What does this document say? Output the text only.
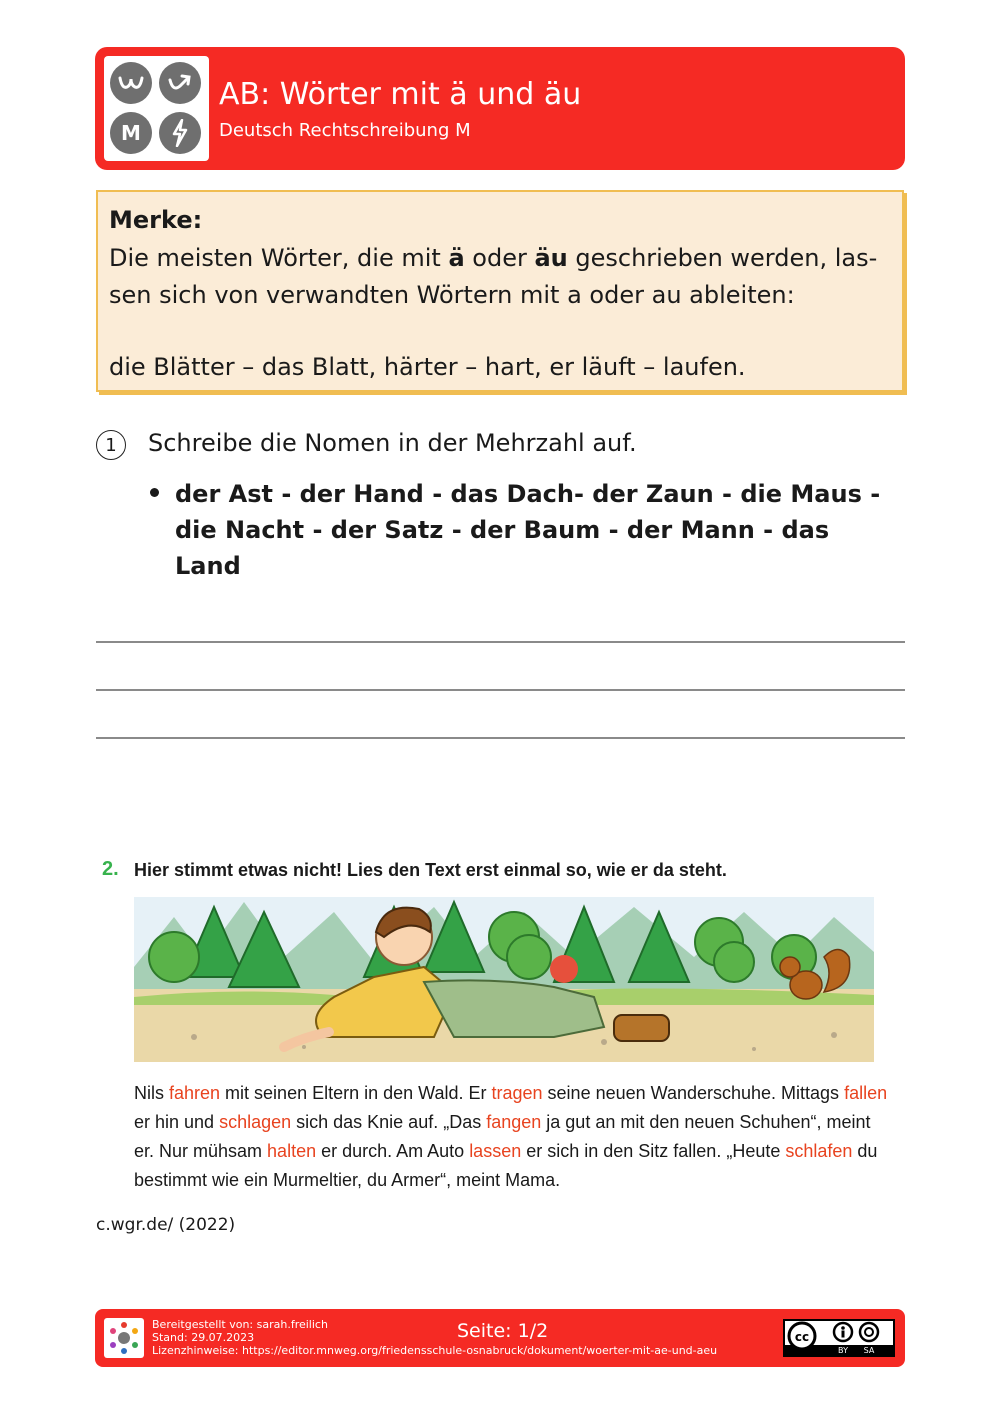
M
AB: Wörter mit ä und äu
Deutsch Rechtschreibung M
Merke:
Die meisten Wörter, die mit ä oder äu geschrieben werden, las-
sen sich von verwandten Wörtern mit a oder au ableiten:
die Blätter – das Blatt, härter – hart, er läuft – laufen.
1	Schreibe die Nomen in der Mehrzahl auf.
der Ast - der Hand - das Dach- der Zaun - die Maus - die Nacht - der Satz - der Baum - der Mann - das Land
2. Hier stimmt etwas nicht! Lies den Text erst einmal so, wie er da steht.
Nils fahren mit seinen Eltern in den Wald. Er tragen seine neuen Wanderschuhe. Mittags fallen er hin und schlagen sich das Knie auf. „Das fangen ja gut an mit den neuen Schuhen“, meint er. Nur mühsam halten er durch. Am Auto lassen er sich in den Sitz fallen. „Heute schlafen du bestimmt wie ein Murmeltier, du Armer“, meint Mama.
c.wgr.de/ (2022)
Bereitgestellt von: sarah.freilich
Stand: 29.07.2023
Lizenzhinweise: https://editor.mnweg.org/friedensschule-osnabruck/dokument/woerter-mit-ae-und-aeu
Seite: 1/2	cc
BY SA
